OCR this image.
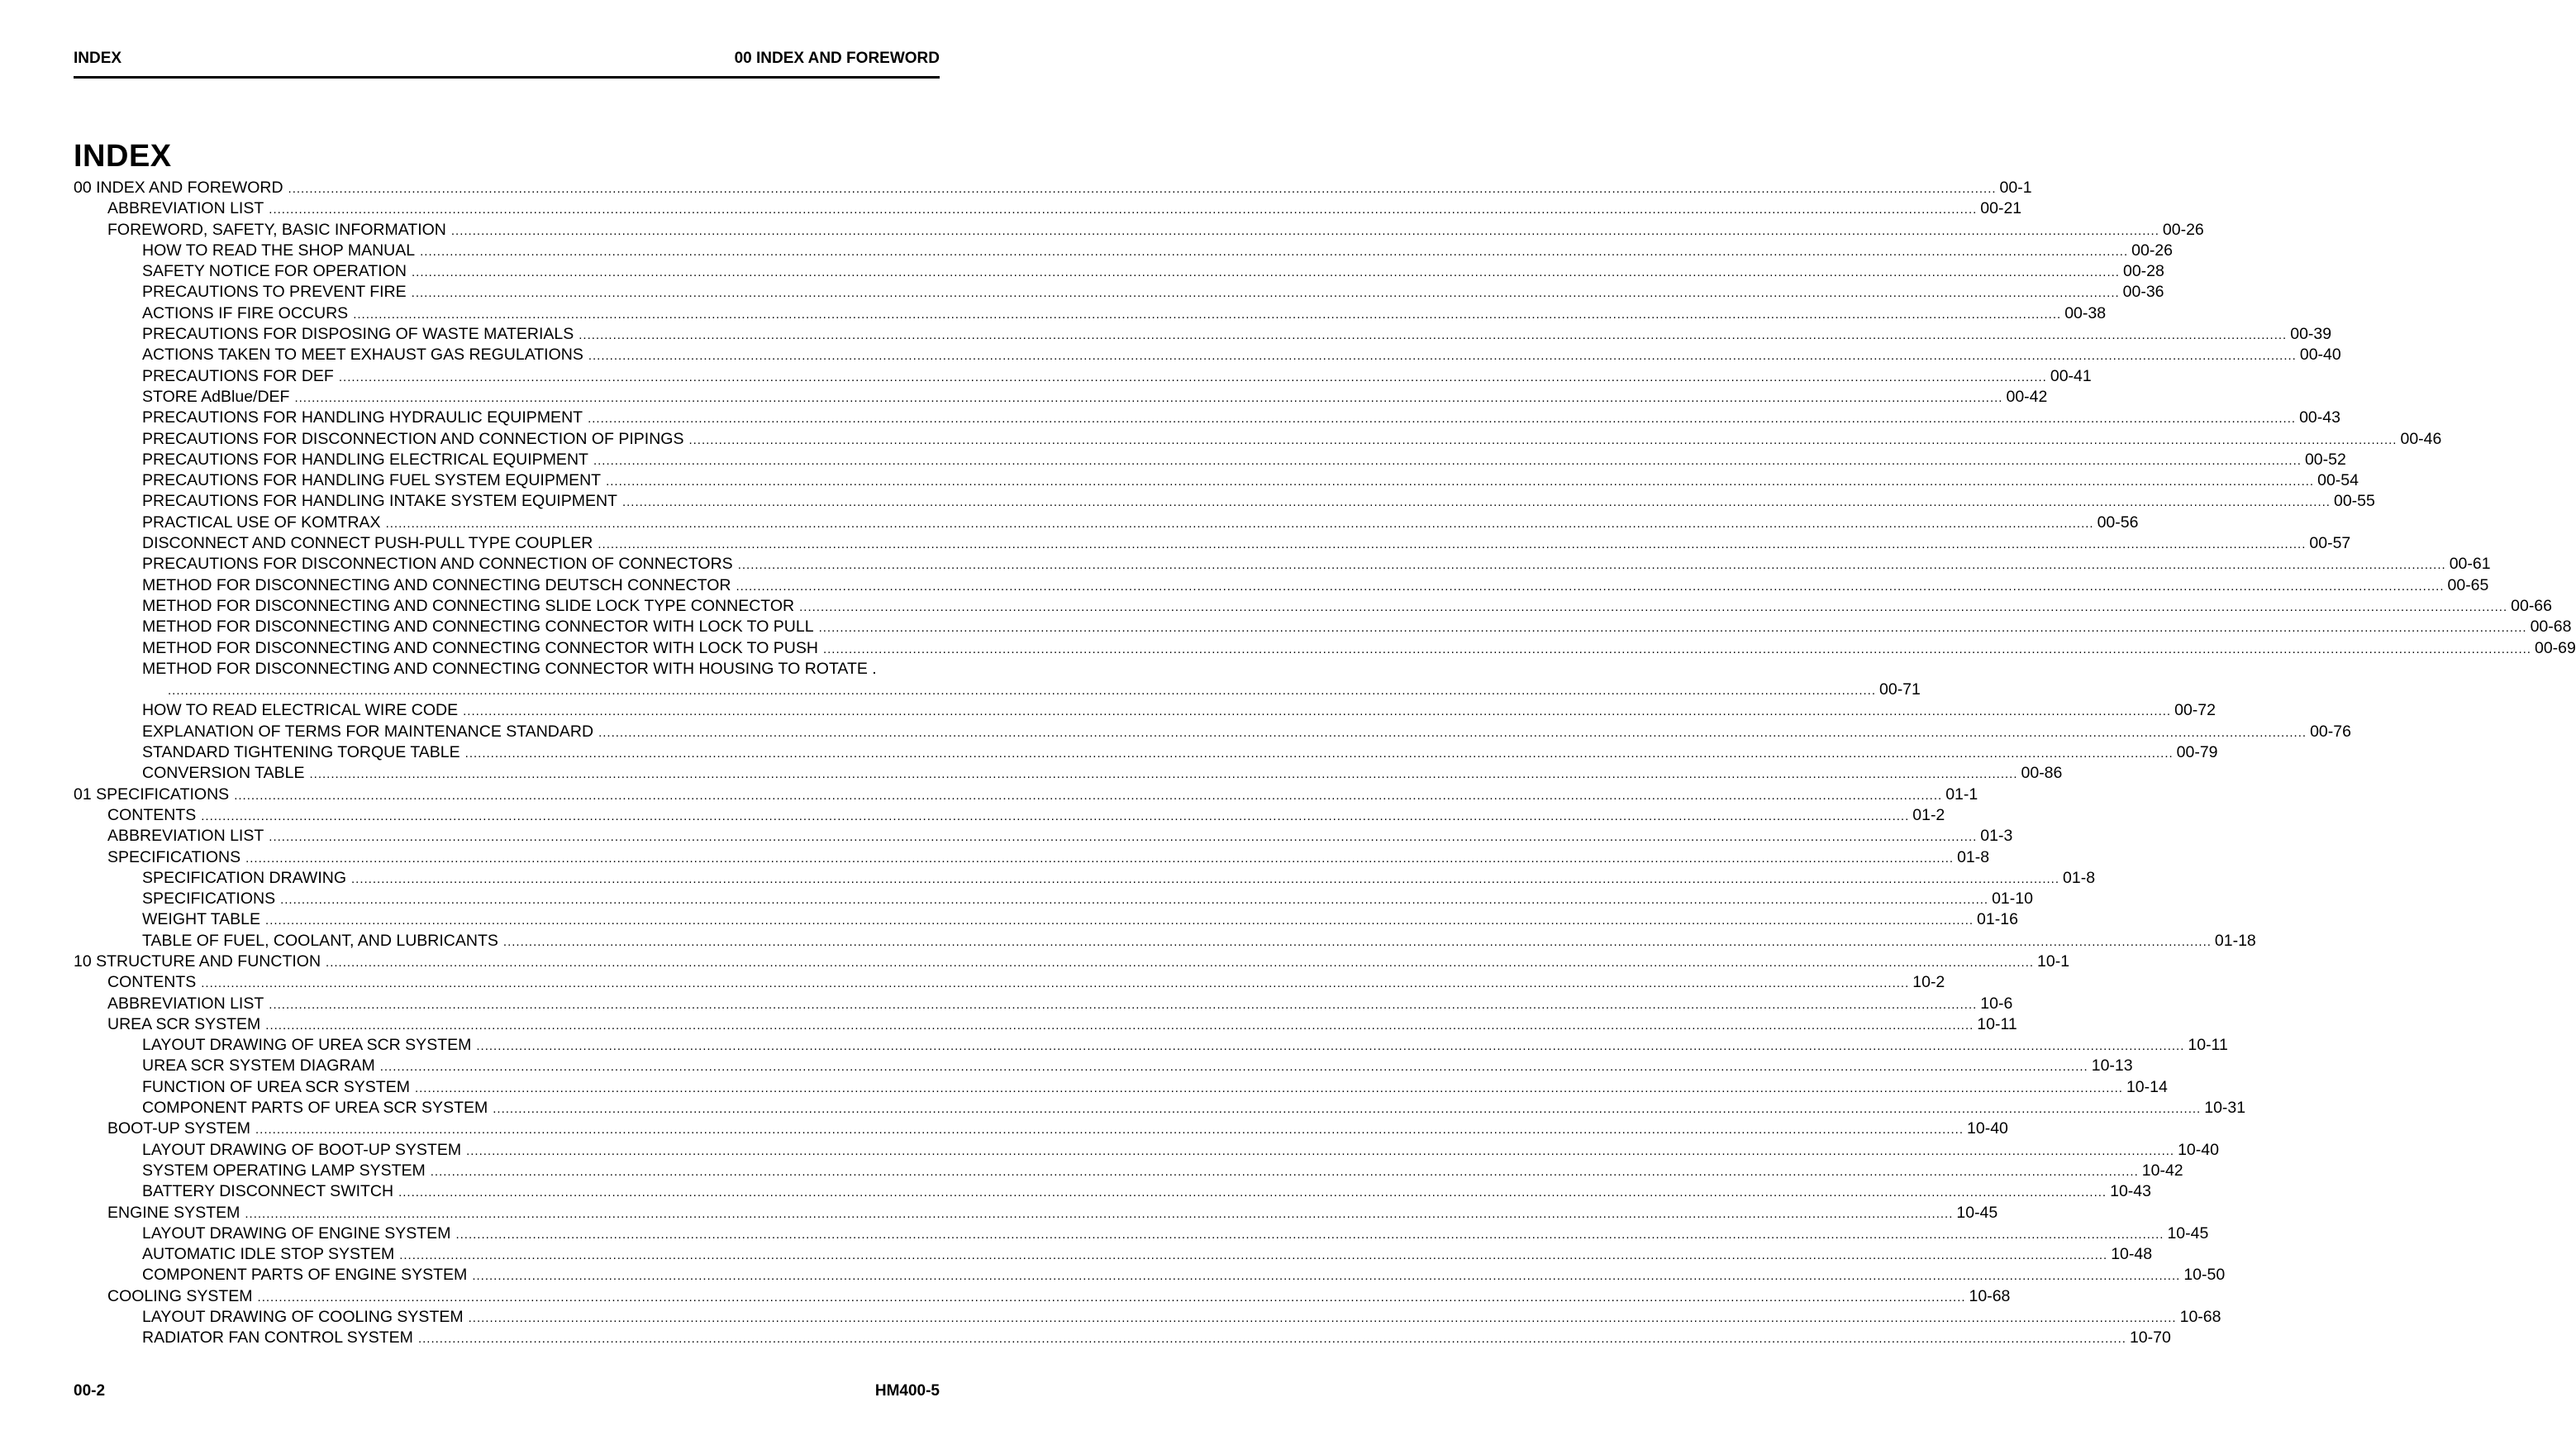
INDEX	00 INDEX AND FOREWORD
INDEX
00 INDEX AND FOREWORD ................................................................................................................................................................................................................................................................................................................................................................................................................ 00-1
ABBREVIATION LIST ................................................................................................................................................................................................................................................................................................................................................................................................................ 00-21
FOREWORD, SAFETY, BASIC INFORMATION ................................................................................................................................................................................................................................................................................................................................................................................................................ 00-26
HOW TO READ THE SHOP MANUAL ................................................................................................................................................................................................................................................................................................................................................................................................................ 00-26
SAFETY NOTICE FOR OPERATION ................................................................................................................................................................................................................................................................................................................................................................................................................ 00-28
PRECAUTIONS TO PREVENT FIRE ................................................................................................................................................................................................................................................................................................................................................................................................................ 00-36
ACTIONS IF FIRE OCCURS ................................................................................................................................................................................................................................................................................................................................................................................................................ 00-38
PRECAUTIONS FOR DISPOSING OF WASTE MATERIALS ................................................................................................................................................................................................................................................................................................................................................................................................................ 00-39
ACTIONS TAKEN TO MEET EXHAUST GAS REGULATIONS ................................................................................................................................................................................................................................................................................................................................................................................................................ 00-40
PRECAUTIONS FOR DEF ................................................................................................................................................................................................................................................................................................................................................................................................................ 00-41
STORE AdBlue/DEF ................................................................................................................................................................................................................................................................................................................................................................................................................ 00-42
PRECAUTIONS FOR HANDLING HYDRAULIC EQUIPMENT ................................................................................................................................................................................................................................................................................................................................................................................................................ 00-43
PRECAUTIONS FOR DISCONNECTION AND CONNECTION OF PIPINGS ................................................................................................................................................................................................................................................................................................................................................................................................................ 00-46
PRECAUTIONS FOR HANDLING ELECTRICAL EQUIPMENT ................................................................................................................................................................................................................................................................................................................................................................................................................ 00-52
PRECAUTIONS FOR HANDLING FUEL SYSTEM EQUIPMENT ................................................................................................................................................................................................................................................................................................................................................................................................................ 00-54
PRECAUTIONS FOR HANDLING INTAKE SYSTEM EQUIPMENT ................................................................................................................................................................................................................................................................................................................................................................................................................ 00-55
PRACTICAL USE OF KOMTRAX ................................................................................................................................................................................................................................................................................................................................................................................................................ 00-56
DISCONNECT AND CONNECT PUSH-PULL TYPE COUPLER ................................................................................................................................................................................................................................................................................................................................................................................................................ 00-57
PRECAUTIONS FOR DISCONNECTION AND CONNECTION OF CONNECTORS ................................................................................................................................................................................................................................................................................................................................................................................................................ 00-61
METHOD FOR DISCONNECTING AND CONNECTING DEUTSCH CONNECTOR ................................................................................................................................................................................................................................................................................................................................................................................................................ 00-65
METHOD FOR DISCONNECTING AND CONNECTING SLIDE LOCK TYPE CONNECTOR ................................................................................................................................................................................................................................................................................................................................................................................................................ 00-66
METHOD FOR DISCONNECTING AND CONNECTING CONNECTOR WITH LOCK TO PULL ................................................................................................................................................................................................................................................................................................................................................................................................................ 00-68
METHOD FOR DISCONNECTING AND CONNECTING CONNECTOR WITH LOCK TO PUSH ................................................................................................................................................................................................................................................................................................................................................................................................................ 00-69
METHOD FOR DISCONNECTING AND CONNECTING CONNECTOR WITH HOUSING TO ROTATE .
................................................................................................................................................................................................................................................................................................................................................................................................................ 00-71
HOW TO READ ELECTRICAL WIRE CODE ................................................................................................................................................................................................................................................................................................................................................................................................................ 00-72
EXPLANATION OF TERMS FOR MAINTENANCE STANDARD ................................................................................................................................................................................................................................................................................................................................................................................................................ 00-76
STANDARD TIGHTENING TORQUE TABLE ................................................................................................................................................................................................................................................................................................................................................................................................................ 00-79
CONVERSION TABLE ................................................................................................................................................................................................................................................................................................................................................................................................................ 00-86
01 SPECIFICATIONS ................................................................................................................................................................................................................................................................................................................................................................................................................ 01-1
CONTENTS ................................................................................................................................................................................................................................................................................................................................................................................................................ 01-2
ABBREVIATION LIST ................................................................................................................................................................................................................................................................................................................................................................................................................ 01-3
SPECIFICATIONS ................................................................................................................................................................................................................................................................................................................................................................................................................ 01-8
SPECIFICATION DRAWING ................................................................................................................................................................................................................................................................................................................................................................................................................ 01-8
SPECIFICATIONS ................................................................................................................................................................................................................................................................................................................................................................................................................ 01-10
WEIGHT TABLE ................................................................................................................................................................................................................................................................................................................................................................................................................ 01-16
TABLE OF FUEL, COOLANT, AND LUBRICANTS ................................................................................................................................................................................................................................................................................................................................................................................................................ 01-18
10 STRUCTURE AND FUNCTION ................................................................................................................................................................................................................................................................................................................................................................................................................ 10-1
CONTENTS ................................................................................................................................................................................................................................................................................................................................................................................................................ 10-2
ABBREVIATION LIST ................................................................................................................................................................................................................................................................................................................................................................................................................ 10-6
UREA SCR SYSTEM ................................................................................................................................................................................................................................................................................................................................................................................................................ 10-11
LAYOUT DRAWING OF UREA SCR SYSTEM ................................................................................................................................................................................................................................................................................................................................................................................................................ 10-11
UREA SCR SYSTEM DIAGRAM ................................................................................................................................................................................................................................................................................................................................................................................................................ 10-13
FUNCTION OF UREA SCR SYSTEM ................................................................................................................................................................................................................................................................................................................................................................................................................ 10-14
COMPONENT PARTS OF UREA SCR SYSTEM ................................................................................................................................................................................................................................................................................................................................................................................................................ 10-31
BOOT-UP SYSTEM ................................................................................................................................................................................................................................................................................................................................................................................................................ 10-40
LAYOUT DRAWING OF BOOT-UP SYSTEM ................................................................................................................................................................................................................................................................................................................................................................................................................ 10-40
SYSTEM OPERATING LAMP SYSTEM ................................................................................................................................................................................................................................................................................................................................................................................................................ 10-42
BATTERY DISCONNECT SWITCH ................................................................................................................................................................................................................................................................................................................................................................................................................ 10-43
ENGINE SYSTEM ................................................................................................................................................................................................................................................................................................................................................................................................................ 10-45
LAYOUT DRAWING OF ENGINE SYSTEM ................................................................................................................................................................................................................................................................................................................................................................................................................ 10-45
AUTOMATIC IDLE STOP SYSTEM ................................................................................................................................................................................................................................................................................................................................................................................................................ 10-48
COMPONENT PARTS OF ENGINE SYSTEM ................................................................................................................................................................................................................................................................................................................................................................................................................ 10-50
COOLING SYSTEM ................................................................................................................................................................................................................................................................................................................................................................................................................ 10-68
LAYOUT DRAWING OF COOLING SYSTEM ................................................................................................................................................................................................................................................................................................................................................................................................................ 10-68
RADIATOR FAN CONTROL SYSTEM ................................................................................................................................................................................................................................................................................................................................................................................................................ 10-70
00-2	HM400-5
